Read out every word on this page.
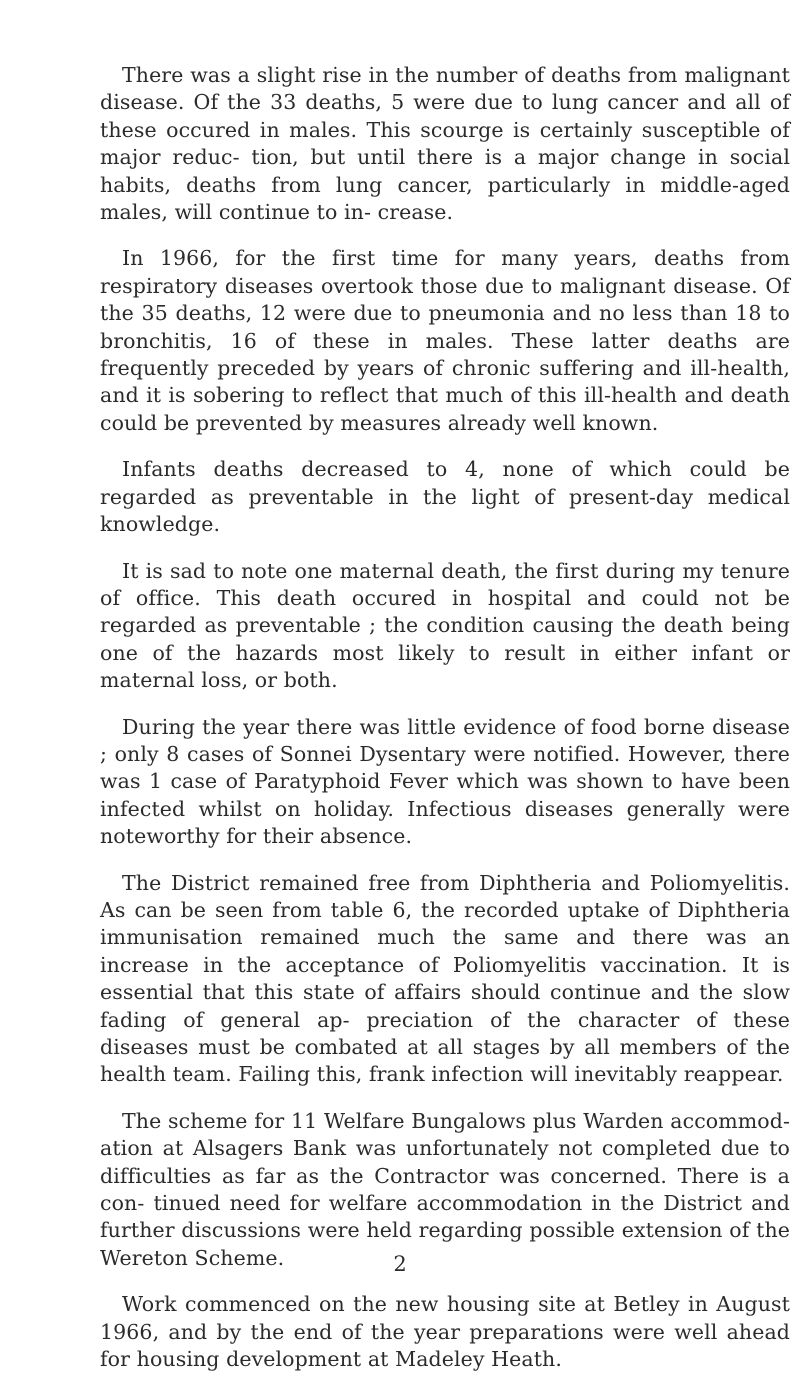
There was a slight rise in the number of deaths from malignant disease. Of the 33 deaths, 5 were due to lung cancer and all of these occured in males. This scourge is certainly susceptible of major reduc- tion, but until there is a major change in social habits, deaths from lung cancer, particularly in middle-aged males, will continue to in- crease.

In 1966, for the first time for many years, deaths from respiratory diseases overtook those due to malignant disease. Of the 35 deaths, 12 were due to pneumonia and no less than 18 to bronchitis, 16 of these in males. These latter deaths are frequently preceded by years of chronic suffering and ill-health, and it is sobering to reflect that much of this ill-health and death could be prevented by measures already well known.

Infants deaths decreased to 4, none of which could be regarded as preventable in the light of present-day medical knowledge.

It is sad to note one maternal death, the first during my tenure of office. This death occured in hospital and could not be regarded as preventable ; the condition causing the death being one of the hazards most likely to result in either infant or maternal loss, or both.

During the year there was little evidence of food borne disease ; only 8 cases of Sonnei Dysentary were notified. However, there was 1 case of Paratyphoid Fever which was shown to have been infected whilst on holiday. Infectious diseases generally were noteworthy for their absence.

The District remained free from Diphtheria and Poliomyelitis. As can be seen from table 6, the recorded uptake of Diphtheria immunisation remained much the same and there was an increase in the acceptance of Poliomyelitis vaccination. It is essential that this state of affairs should continue and the slow fading of general ap- preciation of the character of these diseases must be combated at all stages by all members of the health team. Failing this, frank infection will inevitably reappear.

The scheme for 11 Welfare Bungalows plus Warden accommod- ation at Alsagers Bank was unfortunately not completed due to difficulties as far as the Contractor was concerned. There is a con- tinued need for welfare accommodation in the District and further discussions were held regarding possible extension of the Wereton Scheme.

Work commenced on the new housing site at Betley in August 1966, and by the end of the year preparations were well ahead for housing development at Madeley Heath.

2
